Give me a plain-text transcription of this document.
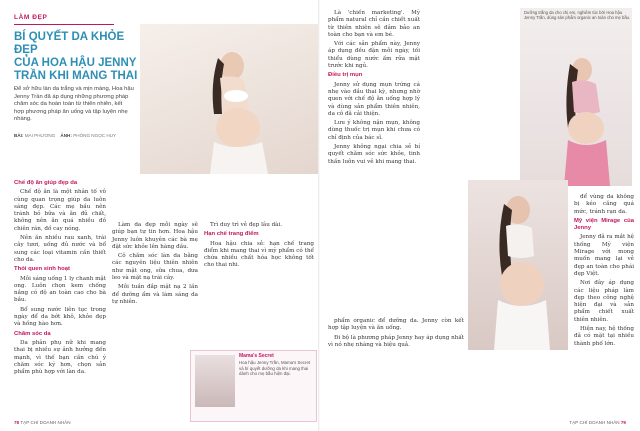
LÀM ĐẸP
BÍ QUYẾT DA KHỎE ĐẸP
CỦA HOA HẬU JENNY
TRẦN KHI MANG THAI
Để sở hữu làn da trắng và mịn màng, Hoa hậu Jenny Trần đã áp dụng những phương pháp chăm sóc da hoàn toàn từ thiên nhiên, kết hợp phương pháp ăn uống và tập luyện nhẹ nhàng.
BÀI: MAI PHƯƠNG ẢNH: PHÒNG NGỌC HUY

Chế độ ăn giúp đẹp da

Chế độ ăn là một nhân tố vô cùng quan trọng giúp da luôn sáng đẹp. Các mẹ bầu nên tránh bỏ bữa và ăn đủ chất, không nên ăn quá nhiều đồ chiên rán, đồ cay nóng.

Nên ăn nhiều rau xanh, trái cây tươi, uống đủ nước và bổ sung các loại vitamin cần thiết cho da.

Thói quen sinh hoạt

Mỗi sáng uống 1 ly chanh mật ong. Luôn chọn kem chống nắng có độ an toàn cao cho bà bầu.

Bổ sung nước liên tục trong ngày để da bớt khô, khỏe đẹp và hồng hào hơn.

Chăm sóc da

Da phản phụ nữ khi mang thai bị nhiều sự ảnh hưởng đến mạnh, vì thế bạn cần chú ý chăm sóc kỹ hơn, chọn sản phẩm phù hợp với làn da.

Làm da đẹp mỗi ngày sẽ giúp bạn tự tin hơn. Hoa hậu Jenny luôn khuyên các bà mẹ đặt sức khỏe lên hàng đầu.

Cô chăm sóc làn da bằng các nguyên liệu thiên nhiên như mật ong, sữa chua, dưa leo và mặt nạ trái cây.

Mỗi tuần đắp mặt nạ 2 lần để dưỡng ẩm và làm sáng da tự nhiên.

Trì duy trì vẻ đẹp lâu dài.

Hạn chế trang điểm

Hoa hậu chia sẻ: hạn chế trang điểm khi mang thai vì mỹ phẩm có thể chứa nhiều chất hóa học không tốt cho thai nhi.

Mama's Secret
Hoa hậu Jenny Trần, Mama's Secret và bí quyết dưỡng da khi mang thai dành cho mẹ bầu hiện đại.
78 TẠP CHÍ DOANH NHÂN

Là 'chiến marketing'. Mỹ phẩm natural chỉ cần chiết xuất từ thiên nhiên sẽ đảm bảo an toàn cho bạn và em bé.

Với các sản phẩm này, Jenny áp dụng đều đặn mỗi ngày, tối thiểu dùng nước ấm rửa mặt trước khi ngủ.

Điều trị mụn

Jenny sử dụng mụn trứng cá nhẹ vào đầu thai kỳ, nhưng nhờ quen với chế độ ăn uống hợp lý và dùng sản phẩm thiên nhiên, da cô đã cải thiện.

Lưu ý không nặn mụn, không dùng thuốc trị mụn khi chưa có chỉ định của bác sĩ.

Jenny không ngại chia sẻ bí quyết chăm sóc sức khỏe, tinh thần luôn vui vẻ khi mang thai.

Dưỡng trắng da cho chị em, nghiêm túc bởi Hoa hậu Jenny Trần, dùng sản phẩm organic an toàn cho mẹ bầu.

phẩm organic để dưỡng da. Jenny còn kết hợp tập luyện và ăn uống.

Đi bộ là phương pháp Jenny hay áp dụng nhất vì nó nhẹ nhàng và hiệu quả.

để vùng da không bị kéo căng quá mức, tránh rạn da.

Mỹ viện Mirage của Jenny

Jenny đã ra mắt hệ thống Mỹ viện Mirage với mong muốn mang lại vẻ đẹp an toàn cho phái đẹp Việt.

Nơi đây áp dụng các liệu pháp làm đẹp theo công nghệ hiện đại và sản phẩm chiết xuất thiên nhiên.

Hiện nay, hệ thống đã có mặt tại nhiều thành phố lớn.

TẠP CHÍ DOANH NHÂN 79
